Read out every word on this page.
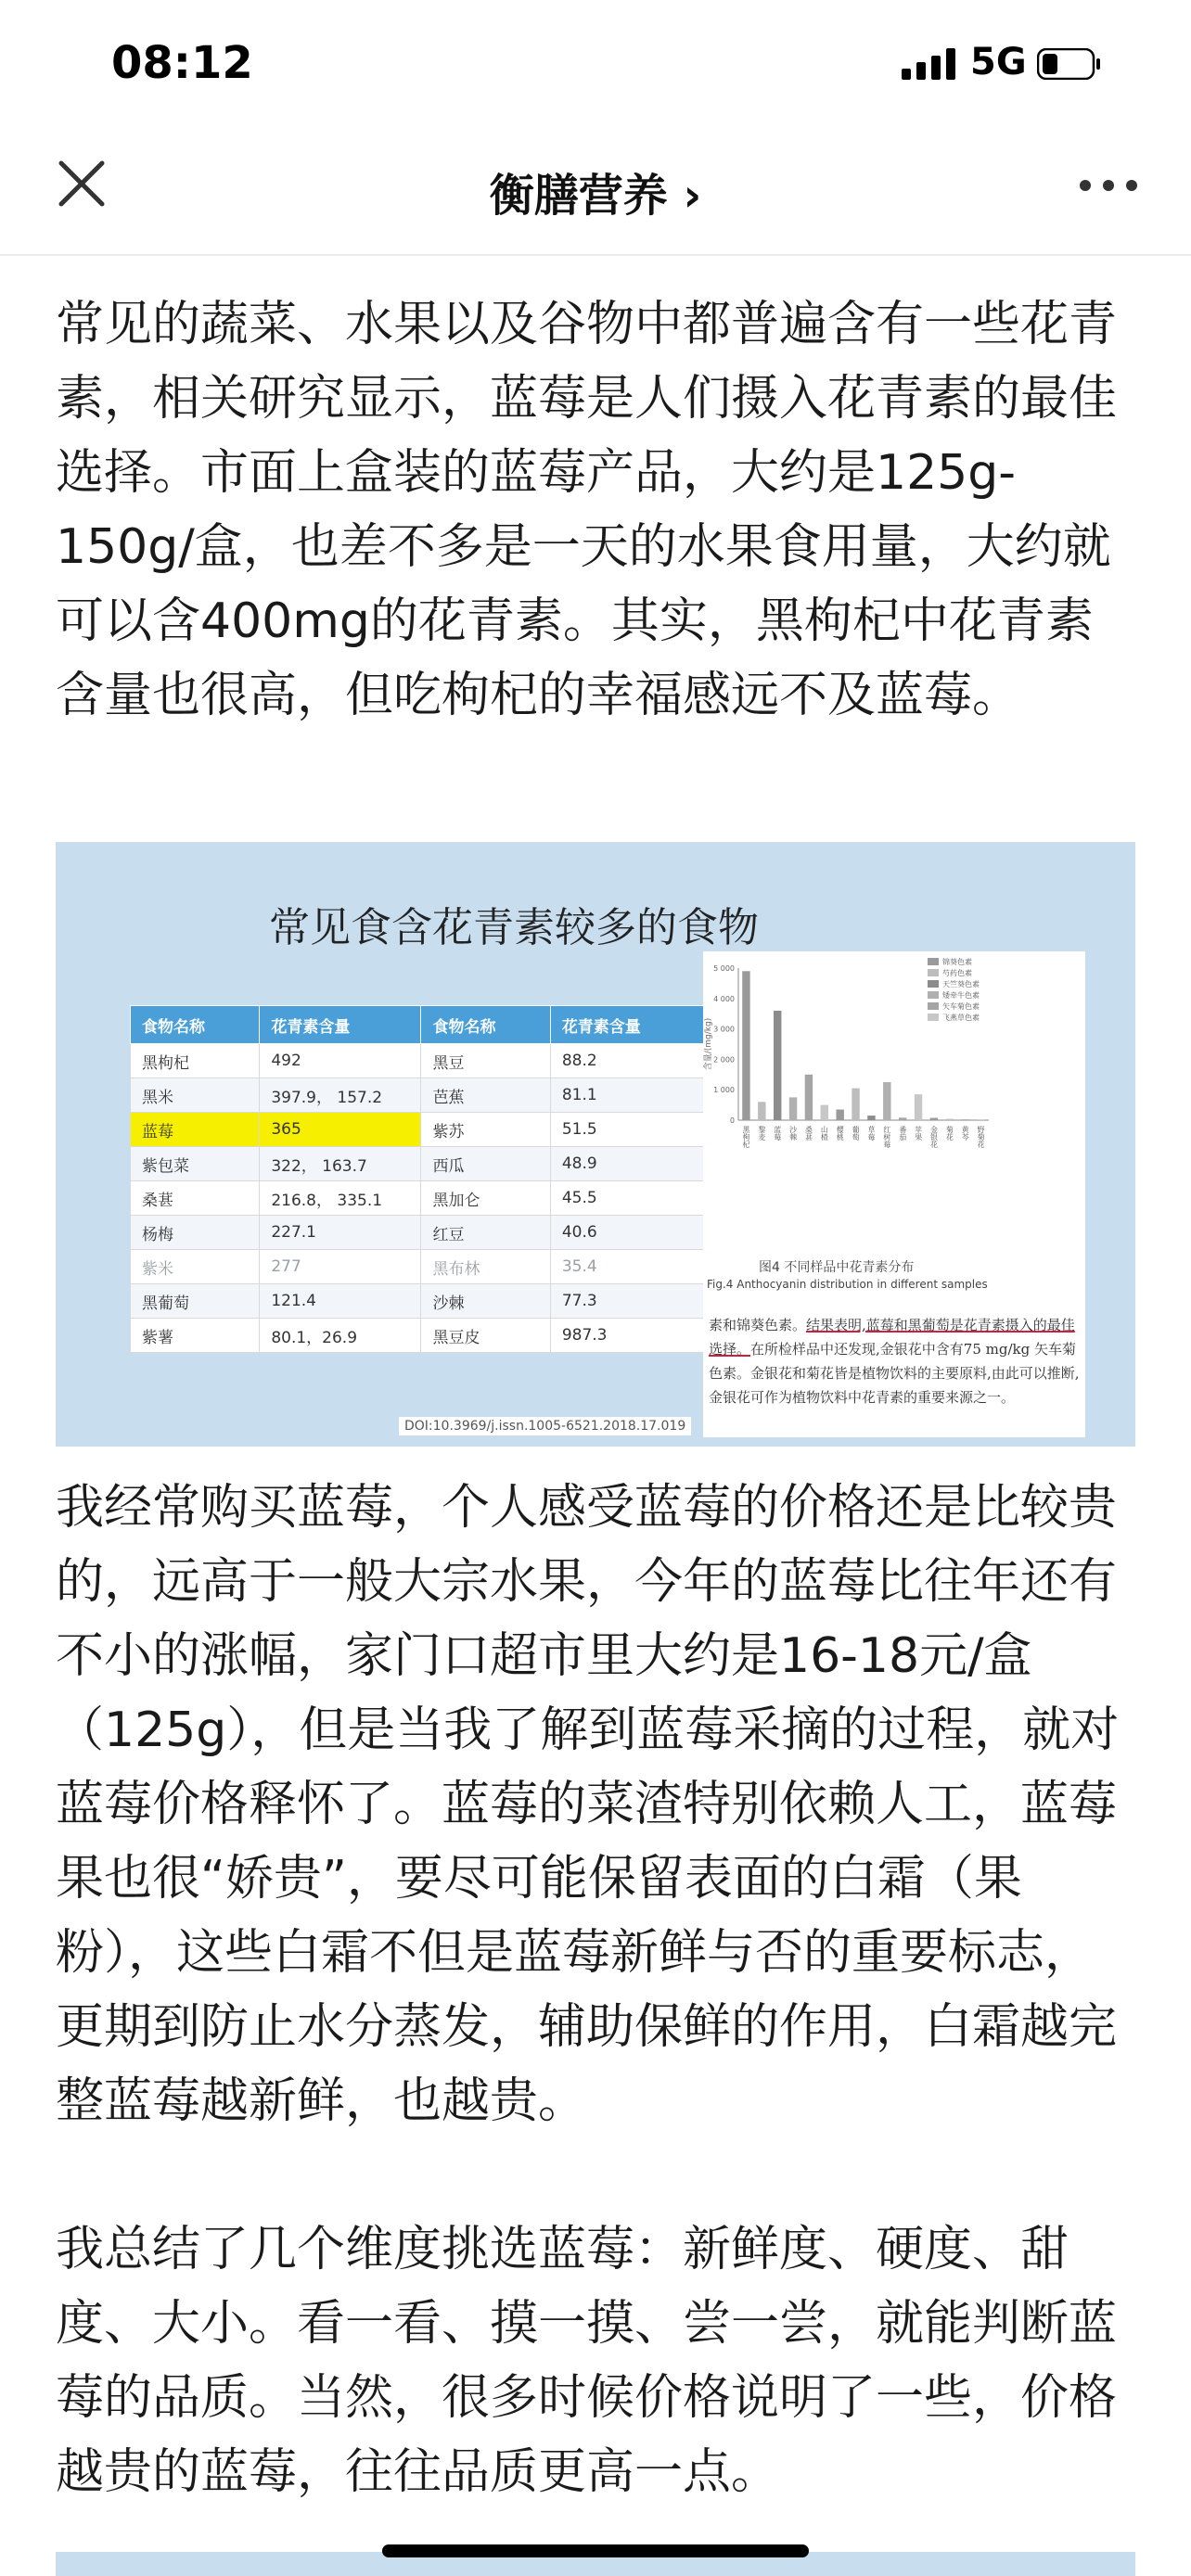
08:12	5G
衡膳营养 ›

常见的蔬菜、水果以及谷物中都普遍含有一些花青素，相关研究显示，蓝莓是人们摄入花青素的最佳选择。市面上盒装的蓝莓产品，大约是125g-150g/盒，也差不多是一天的水果食用量，大约就可以含400mg的花青素。其实，黑枸杞中花青素含量也很高，但吃枸杞的幸福感远不及蓝莓。

常见食含花青素较多的食物
食物名称	花青素含量	食物名称	花青素含量
黑枸杞	492	黑豆	88.2
黑米	397.9， 157.2	芭蕉	81.1
蓝莓	365	紫苏	51.5
紫包菜	322， 163.7	西瓜	48.9
桑葚	216.8， 335.1	黑加仑	45.5
杨梅	227.1	红豆	40.6
紫米	277	黑布林	35.4
黑葡萄	121.4	沙棘	77.3
紫薯	80.1，26.9	黑豆皮	987.3
5 000
4 000
3 000
2 000
1 000
0
含量/(mg/kg)
黑枸杞 黎麦 蓝莓 沙棘 桑葚 山楂 樱桃 葡萄 草莓 红树莓 番茄 苹果 金银花 菊花 黄芩 野菊花
锦葵色素
芍药色素
天竺葵色素
矮牵牛色素
矢车菊色素
飞燕草色素
图4 不同样品中花青素分布
Fig.4 Anthocyanin distribution in different samples
素和锦葵色素。结果表明,蓝莓和黑葡萄是花青素摄入的最佳选择。在所检样品中还发现,金银花中含有75 mg/kg 矢车菊色素。金银花和菊花皆是植物饮料的主要原料,由此可以推断,金银花可作为植物饮料中花青素的重要来源之一。
DOI:10.3969/j.issn.1005-6521.2018.17.019

我经常购买蓝莓，个人感受蓝莓的价格还是比较贵的，远高于一般大宗水果，今年的蓝莓比往年还有不小的涨幅，家门口超市里大约是16-18元/盒（125g），但是当我了解到蓝莓采摘的过程，就对蓝莓价格释怀了。蓝莓的菜渣特别依赖人工，蓝莓果也很“娇贵”，要尽可能保留表面的白霜（果粉），这些白霜不但是蓝莓新鲜与否的重要标志，更期到防止水分蒸发，辅助保鲜的作用，白霜越完整蓝莓越新鲜，也越贵。

我总结了几个维度挑选蓝莓：新鲜度、硬度、甜度、大小。看一看、摸一摸、尝一尝，就能判断蓝莓的品质。当然，很多时候价格说明了一些，价格越贵的蓝莓，往往品质更高一点。
